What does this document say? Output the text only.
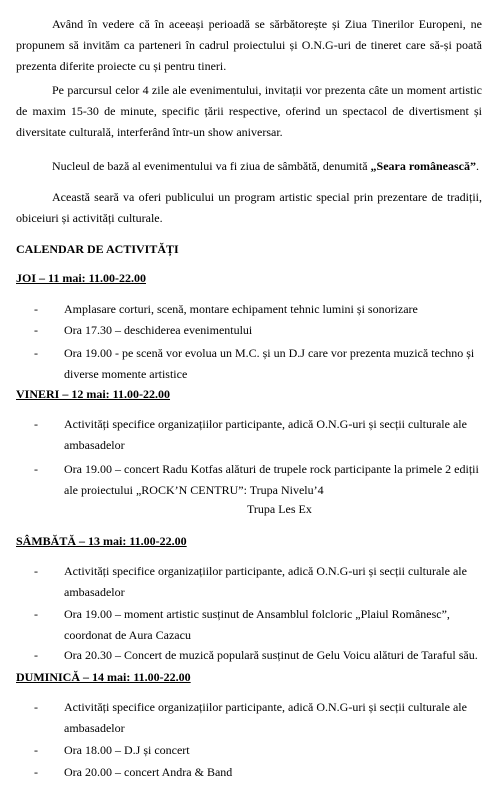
Având în vedere că în aceeași perioadă se sărbătorește și Ziua Tinerilor Europeni, ne propunem să invităm ca parteneri în cadrul proiectului și O.N.G-uri de tineret care să-și poată prezenta diferite proiecte cu și pentru tineri.

Pe parcursul celor 4 zile ale evenimentului, invitații vor prezenta câte un moment artistic de maxim 15-30 de minute, specific țării respective, oferind un spectacol de divertisment și diversitate culturală, interferând într-un show aniversar.

Nucleul de bază al evenimentului va fi ziua de sâmbătă, denumită „Seara românească”.

Această seară va oferi publicului un program artistic special prin prezentare de tradiții, obiceiuri și activități culturale.

CALENDAR DE ACTIVITĂȚI

JOI – 11 mai: 11.00-22.00

- Amplasare corturi, scenă, montare echipament tehnic lumini și sonorizare
- Ora 17.30 – deschiderea evenimentului
- Ora 19.00 - pe scenă vor evolua un M.C. și un D.J care vor prezenta muzică techno și diverse momente artistice

VINERI – 12 mai: 11.00-22.00

- Activități specifice organizațiilor participante, adică O.N.G-uri și secții culturale ale ambasadelor
- Ora 19.00 – concert Radu Kotfas alături de trupele rock participante la primele 2 ediții ale proiectului „ROCK’N CENTRU”: Trupa Nivelu’4

Trupa Les Ex

SÂMBĂTĂ – 13 mai: 11.00-22.00

- Activități specifice organizațiilor participante, adică O.N.G-uri și secții culturale ale ambasadelor
- Ora 19.00 – moment artistic susținut de Ansamblul folcloric „Plaiul Românesc”, coordonat de Aura Cazacu
- Ora 20.30 – Concert de muzică populară susținut de Gelu Voicu alături de Taraful său.

DUMINICĂ – 14 mai: 11.00-22.00

- Activități specifice organizațiilor participante, adică O.N.G-uri și secții culturale ale ambasadelor
- Ora 18.00 – D.J și concert
- Ora 20.00 – concert Andra & Band
